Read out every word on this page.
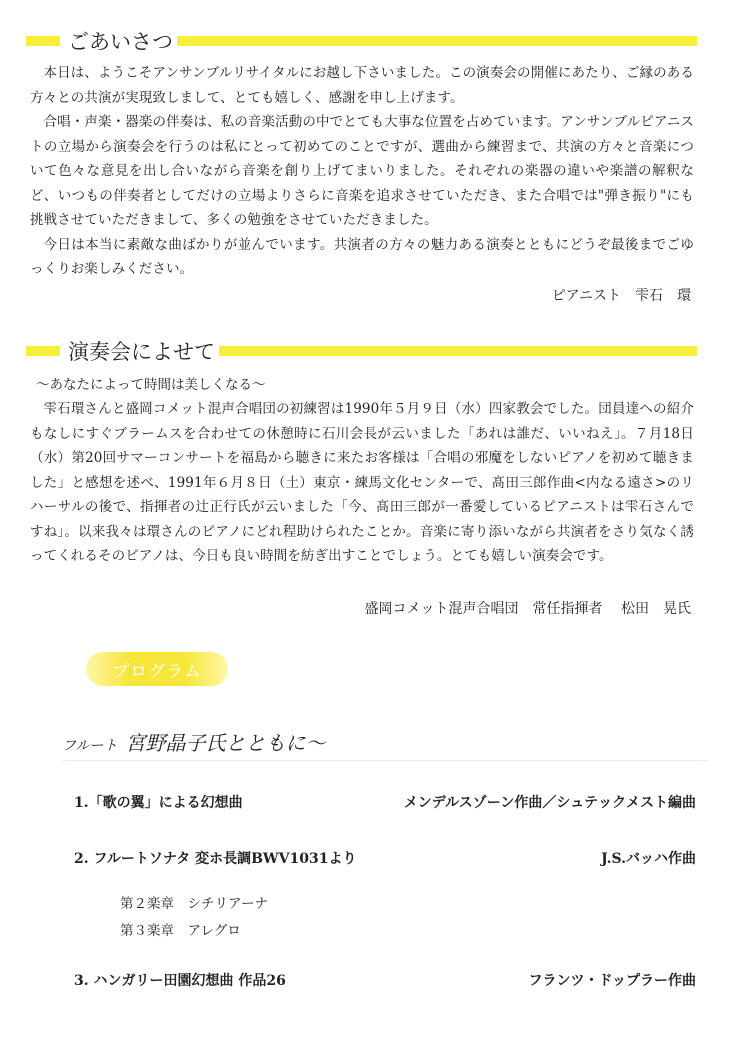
ごあいさつ

本日は、ようこそアンサンブルリサイタルにお越し下さいました。この演奏会の開催にあたり、ご縁のある方々との共演が実現致しまして、とても嬉しく、感謝を申し上げます。

合唱・声楽・器楽の伴奏は、私の音楽活動の中でとても大事な位置を占めています。アンサンブルピアニストの立場から演奏会を行うのは私にとって初めてのことですが、選曲から練習まで、共演の方々と音楽について色々な意見を出し合いながら音楽を創り上げてまいりました。それぞれの楽器の違いや楽譜の解釈など、いつもの伴奏者としてだけの立場よりさらに音楽を追求させていただき、また合唱では"弾き振り"にも挑戦させていただきまして、多くの勉強をさせていただきました。

今日は本当に素敵な曲ばかりが並んでいます。共演者の方々の魅力ある演奏とともにどうぞ最後までごゆっくりお楽しみください。

ピアニスト　雫石　環
演奏会によせて
～あなたによって時間は美しくなる～

雫石環さんと盛岡コメット混声合唱団の初練習は1990年５月９日（水）四家教会でした。団員達への紹介もなしにすぐブラームスを合わせての休憩時に石川会長が云いました「あれは誰だ、いいねえ」。７月18日（水）第20回サマーコンサートを福島から聴きに来たお客様は「合唱の邪魔をしないピアノを初めて聴きました」と感想を述べ、1991年６月８日（土）東京・練馬文化センターで、髙田三郎作曲<内なる遠さ>のリハーサルの後で、指揮者の辻正行氏が云いました「今、髙田三郎が一番愛しているピアニストは雫石さんですね」。以来我々は環さんのピアノにどれ程助けられたことか。音楽に寄り添いながら共演者をさり気なく誘ってくれるそのピアノは、今日も良い時間を紡ぎ出すことでしょう。とても嬉しい演奏会です。

盛岡コメット混声合唱団　常任指揮者　 松田　晃氏
プログラム
フルート 宮野晶子氏とともに～
1.「歌の翼」による幻想曲	メンデルスゾーン作曲／シュテックメスト編曲
2. フルートソナタ 変ホ長調BWV1031より	J.S.バッハ作曲
第２楽章　シチリアーナ
第３楽章　アレグロ
3. ハンガリー田園幻想曲 作品26	フランツ・ドップラー作曲
